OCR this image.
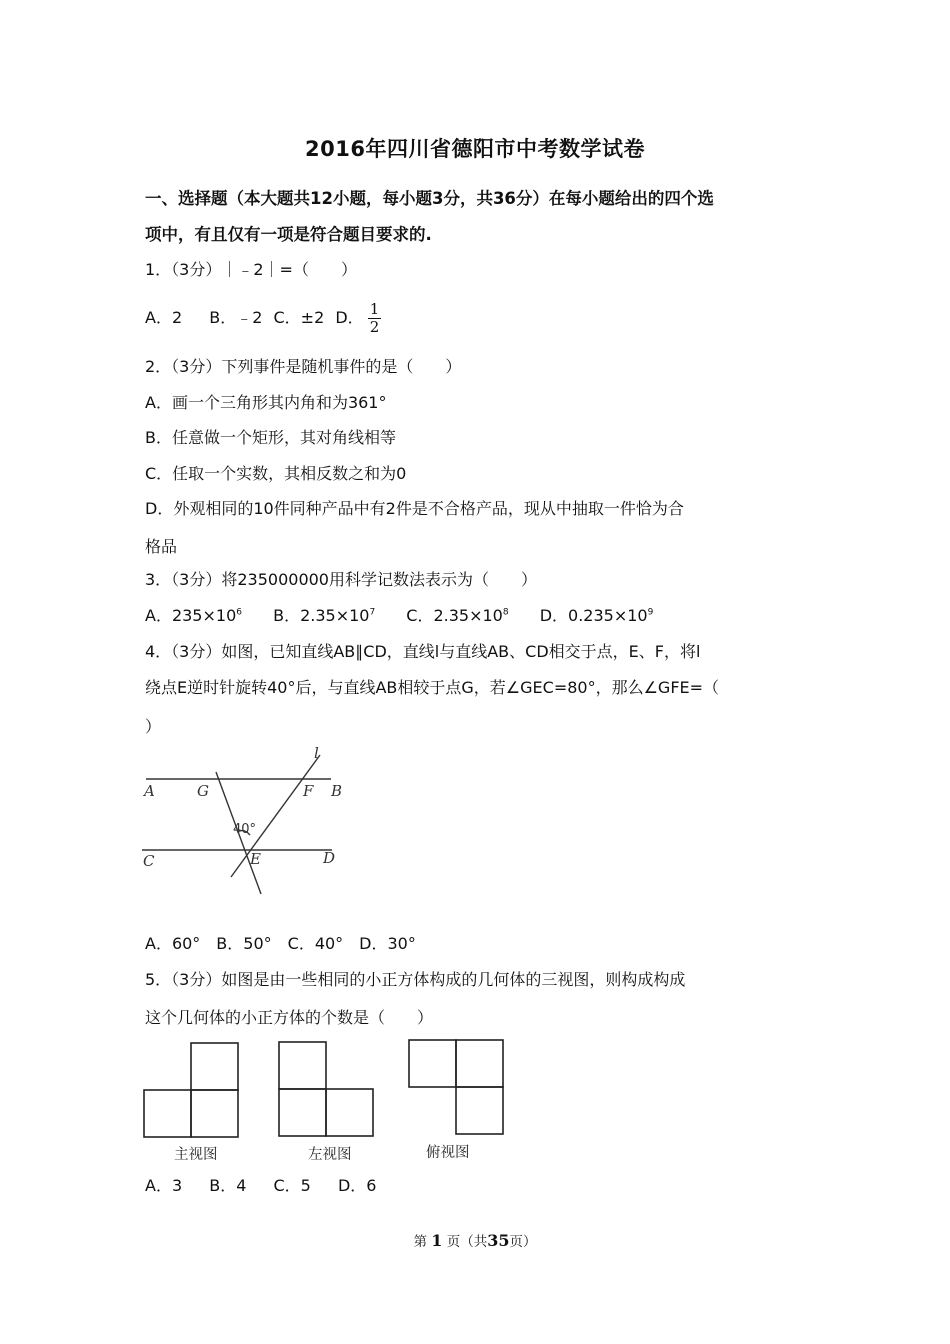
2016年四川省德阳市中考数学试卷
一、选择题（本大题共12小题，每小题3分，共36分）在每小题给出的四个选
项中，有且仅有一项是符合题目要求的.
1．（3分）｜﹣2｜=（　　）
A．2 B．﹣2 C．±2 D． $\frac{1}{2}$
2．（3分）下列事件是随机事件的是（　　）
A．画一个三角形其内角和为361°
B．任意做一个矩形，其对角线相等
C．任取一个实数，其相反数之和为0
D．外观相同的10件同种产品中有2件是不合格产品，现从中抽取一件恰为合
格品
3．（3分）将235000000用科学记数法表示为（　　）
A．$235\times 10^6$ B．$2.35\times 10^7$ C．$2.35\times 10^8$ D．$0.235\times 10^9$
4．（3分）如图，已知直线AB∥CD，直线l与直线AB、CD相交于点，E、F，将l
绕点E逆时针旋转40°后，与直线AB相较于点G，若∠GEC=80°，那么∠GFE=（
）
A	G	F B
l
C	E	D
40°
A．60°　B．50°　C．40°　D．30°
5．（3分）如图是由一些相同的小正方体构成的几何体的三视图，则构成构成
这个几何体的小正方体的个数是（　　）
主视图	左视图	俯视图
A．3 B．4 C．5 D．6
第 1 页（共35页）
